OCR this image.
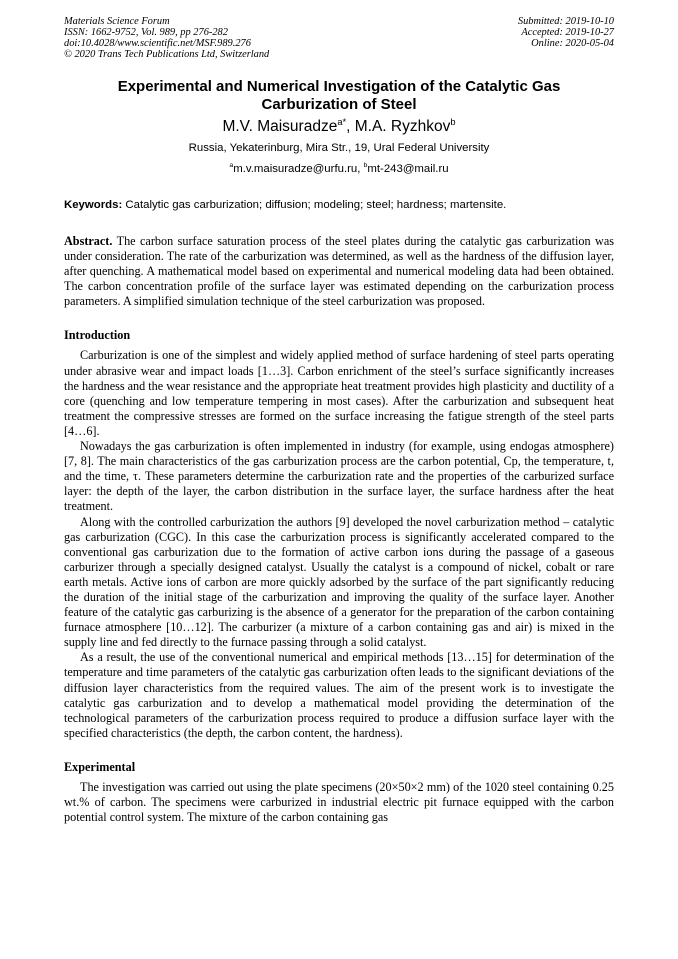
Materials Science Forum
ISSN: 1662-9752, Vol. 989, pp 276-282
doi:10.4028/www.scientific.net/MSF.989.276
© 2020 Trans Tech Publications Ltd, Switzerland
Submitted: 2019-10-10
Accepted: 2019-10-27
Online: 2020-05-04
Experimental and Numerical Investigation of the Catalytic Gas
Carburization of Steel
M.V. Maisuradze$^{a*}$, M.A. Ryzhkov$^b$
Russia, Yekaterinburg, Mira Str., 19, Ural Federal University
$^a$m.v.maisuradze@urfu.ru, $^b$mt-243@mail.ru
Keywords: Catalytic gas carburization; diffusion; modeling; steel; hardness; martensite.
Abstract. The carbon surface saturation process of the steel plates during the catalytic gas carburization was under consideration. The rate of the carburization was determined, as well as the hardness of the diffusion layer, after quenching. A mathematical model based on experimental and numerical modeling data had been obtained. The carbon concentration profile of the surface layer was estimated depending on the carburization process parameters. A simplified simulation technique of the steel carburization was proposed.
Introduction

Carburization is one of the simplest and widely applied method of surface hardening of steel parts operating under abrasive wear and impact loads [1…3]. Carbon enrichment of the steel’s surface significantly increases the hardness and the wear resistance and the appropriate heat treatment provides high plasticity and ductility of a core (quenching and low temperature tempering in most cases). After the carburization and subsequent heat treatment the compressive stresses are formed on the surface increasing the fatigue strength of the steel parts [4…6].

Nowadays the gas carburization is often implemented in industry (for example, using endogas atmosphere) [7, 8]. The main characteristics of the gas carburization process are the carbon potential, Cp, the temperature, t, and the time, τ. These parameters determine the carburization rate and the properties of the carburized surface layer: the depth of the layer, the carbon distribution in the surface layer, the surface hardness after the heat treatment.

Along with the controlled carburization the authors [9] developed the novel carburization method – catalytic gas carburization (CGC). In this case the carburization process is significantly accelerated compared to the conventional gas carburization due to the formation of active carbon ions during the passage of a gaseous carburizer through a specially designed catalyst. Usually the catalyst is a compound of nickel, cobalt or rare earth metals. Active ions of carbon are more quickly adsorbed by the surface of the part significantly reducing the duration of the initial stage of the carburization and improving the quality of the surface layer. Another feature of the catalytic gas carburizing is the absence of a generator for the preparation of the carbon containing furnace atmosphere [10…12]. The carburizer (a mixture of a carbon containing gas and air) is mixed in the supply line and fed directly to the furnace passing through a solid catalyst.

As a result, the use of the conventional numerical and empirical methods [13…15] for determination of the temperature and time parameters of the catalytic gas carburization often leads to the significant deviations of the diffusion layer characteristics from the required values. The aim of the present work is to investigate the catalytic gas carburization and to develop a mathematical model providing the determination of the technological parameters of the carburization process required to produce a diffusion surface layer with the specified characteristics (the depth, the carbon content, the hardness).

Experimental

The investigation was carried out using the plate specimens (20×50×2 mm) of the 1020 steel containing 0.25 wt.% of carbon. The specimens were carburized in industrial electric pit furnace equipped with the carbon potential control system. The mixture of the carbon containing gas
